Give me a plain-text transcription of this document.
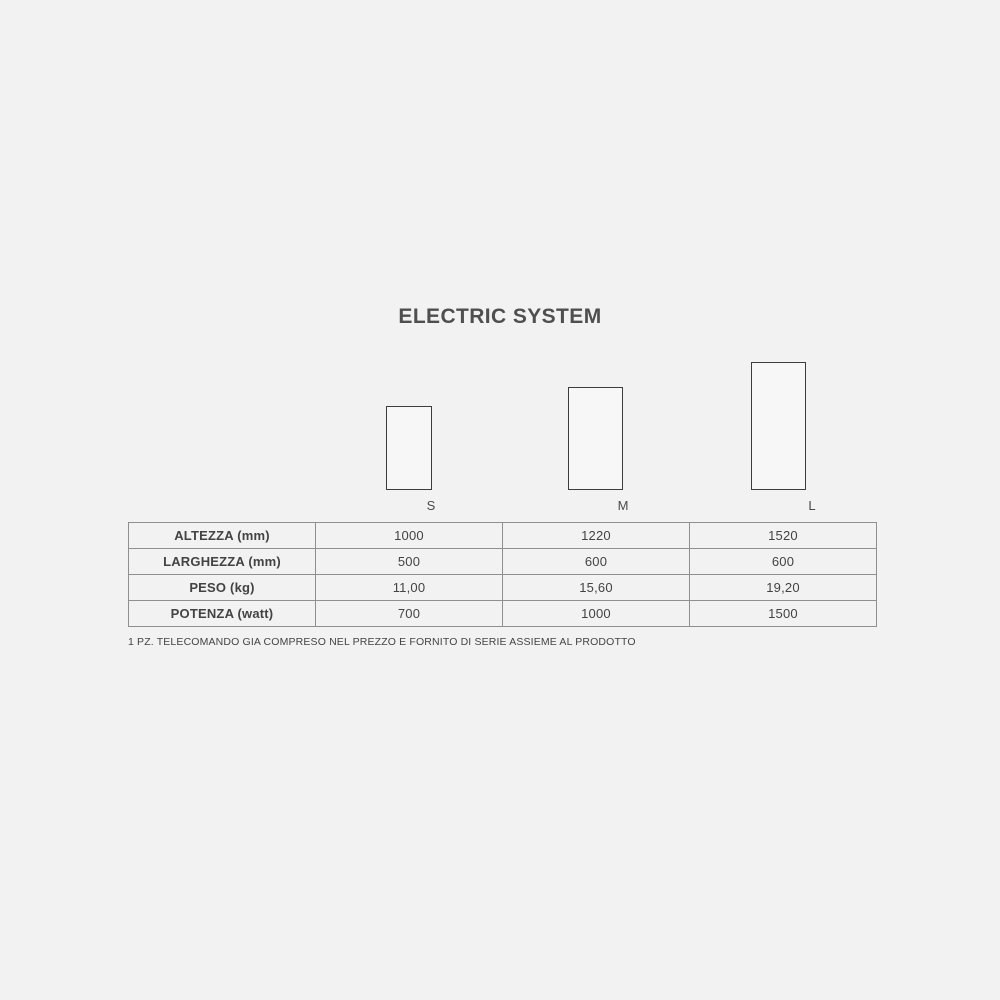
ELECTRIC SYSTEM
S	M	L
ALTEZZA (mm)	1000	1220	1520
LARGHEZZA (mm)	500	600	600
PESO (kg)	11,00	15,60	19,20
POTENZA (watt)	700	1000	1500
1 PZ. TELECOMANDO GIA COMPRESO NEL PREZZO E FORNITO DI SERIE ASSIEME AL PRODOTTO
